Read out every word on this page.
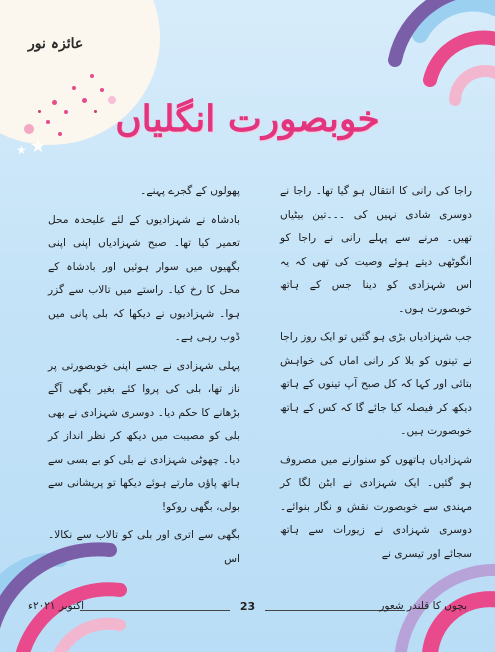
★
★
عائزہ نور
خوبصورت انگلیاں

راجا کی رانی کا انتقال ہو گیا تھا۔ راجا نے دوسری شادی نہیں کی ۔۔۔تین بیٹیاں تھیں۔ مرنے سے پہلے رانی نے راجا کو انگوٹھی دیتے ہوئے وصیت کی تھی کہ یہ اس شہزادی کو دینا جس کے ہاتھ خوبصورت ہوں۔

جب شہزادیاں بڑی ہو گئیں تو ایک روز راجا نے تینوں کو بلا کر رانی اماں کی خواہش بتائی اور کہا کہ کل صبح آپ تینوں کے ہاتھ دیکھ کر فیصلہ کیا جائے گا کہ کس کے ہاتھ خوبصورت ہیں۔

شہزادیاں ہاتھوں کو سنوارنے میں مصروف ہو گئیں۔ ایک شہزادی نے ابٹن لگا کر مہندی سے خوبصورت نقش و نگار بنوائے۔ دوسری شہزادی نے زیورات سے ہاتھ سجائے اور تیسری نے

پھولوں کے گجرے پہنے۔

بادشاہ نے شہزادیوں کے لئے علیحدہ محل تعمیر کیا تھا۔ صبح شہزادیاں اپنی اپنی بگھیوں میں سوار ہوئیں اور بادشاہ کے محل کا رخ کیا۔ راستے میں تالاب سے گزر ہوا۔ شہزادیوں نے دیکھا کہ بلی پانی میں ڈوب رہی ہے۔

پہلی شہزادی نے جسے اپنی خوبصورتی پر ناز تھا، بلی کی پروا کئے بغیر بگھی آگے بڑھانے کا حکم دیا۔ دوسری شہزادی نے بھی بلی کو مصیبت میں دیکھ کر نظر انداز کر دیا۔ چھوٹی شہزادی نے بلی کو بے بسی سے ہاتھ پاؤں مارتے ہوئے دیکھا تو پریشانی سے بولی، بگھی روکو!

بگھی سے اتری اور بلی کو تالاب سے نکالا۔ اس

بچوں کا قلندر شعور
23
اکتوبر ۲۰۲۱ء
